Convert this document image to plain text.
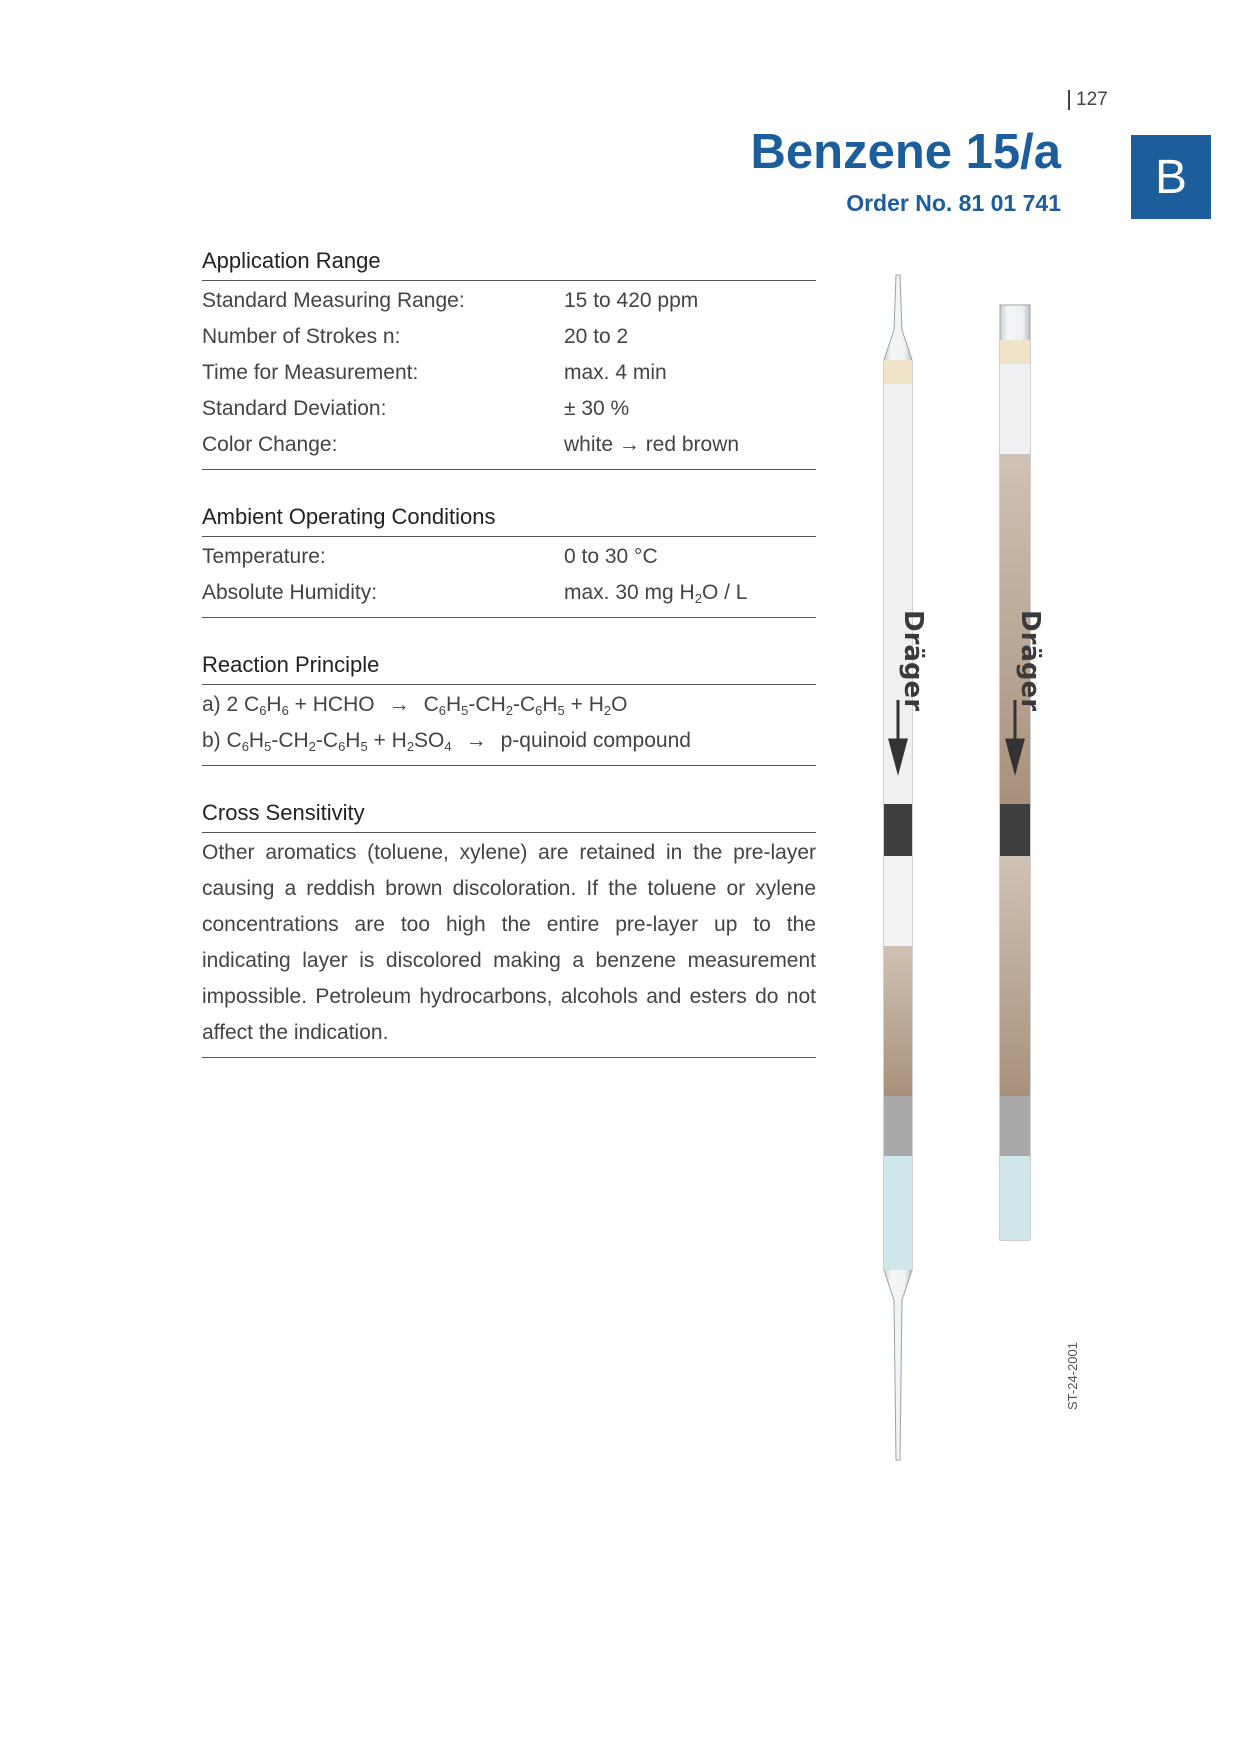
127
B
Benzene 15/a
Order No. 81 01 741
Application Range
Standard Measuring Range:	15 to 420 ppm
Number of Strokes n:	20 to 2
Time for Measurement:	max. 4 min
Standard Deviation:	± 30 %
Color Change:	white → red brown
Ambient Operating Conditions
Temperature:	0 to 30 °C
Absolute Humidity:	max. 30 mg $H_2O$ / L
Reaction Principle
a) 2 $C_6H_6$ + HCHO → $C_6H_5-CH_2-C_6H_5 + H_2O$
b) $C_6H_5-CH_2-C_6H_5 + H_2SO_4$ → p-quinoid compound
Cross Sensitivity
Other aromatics (toluene, xylene) are retained in the pre-layer causing a reddish brown discoloration. If the toluene or xylene concentrations are too high the entire pre-layer up to the indicating layer is discolored making a benzene measurement impossible. Petroleum hydrocarbons, alcohols and esters do not affect the indication.
Dräger	Dräger
ST-24-2001
